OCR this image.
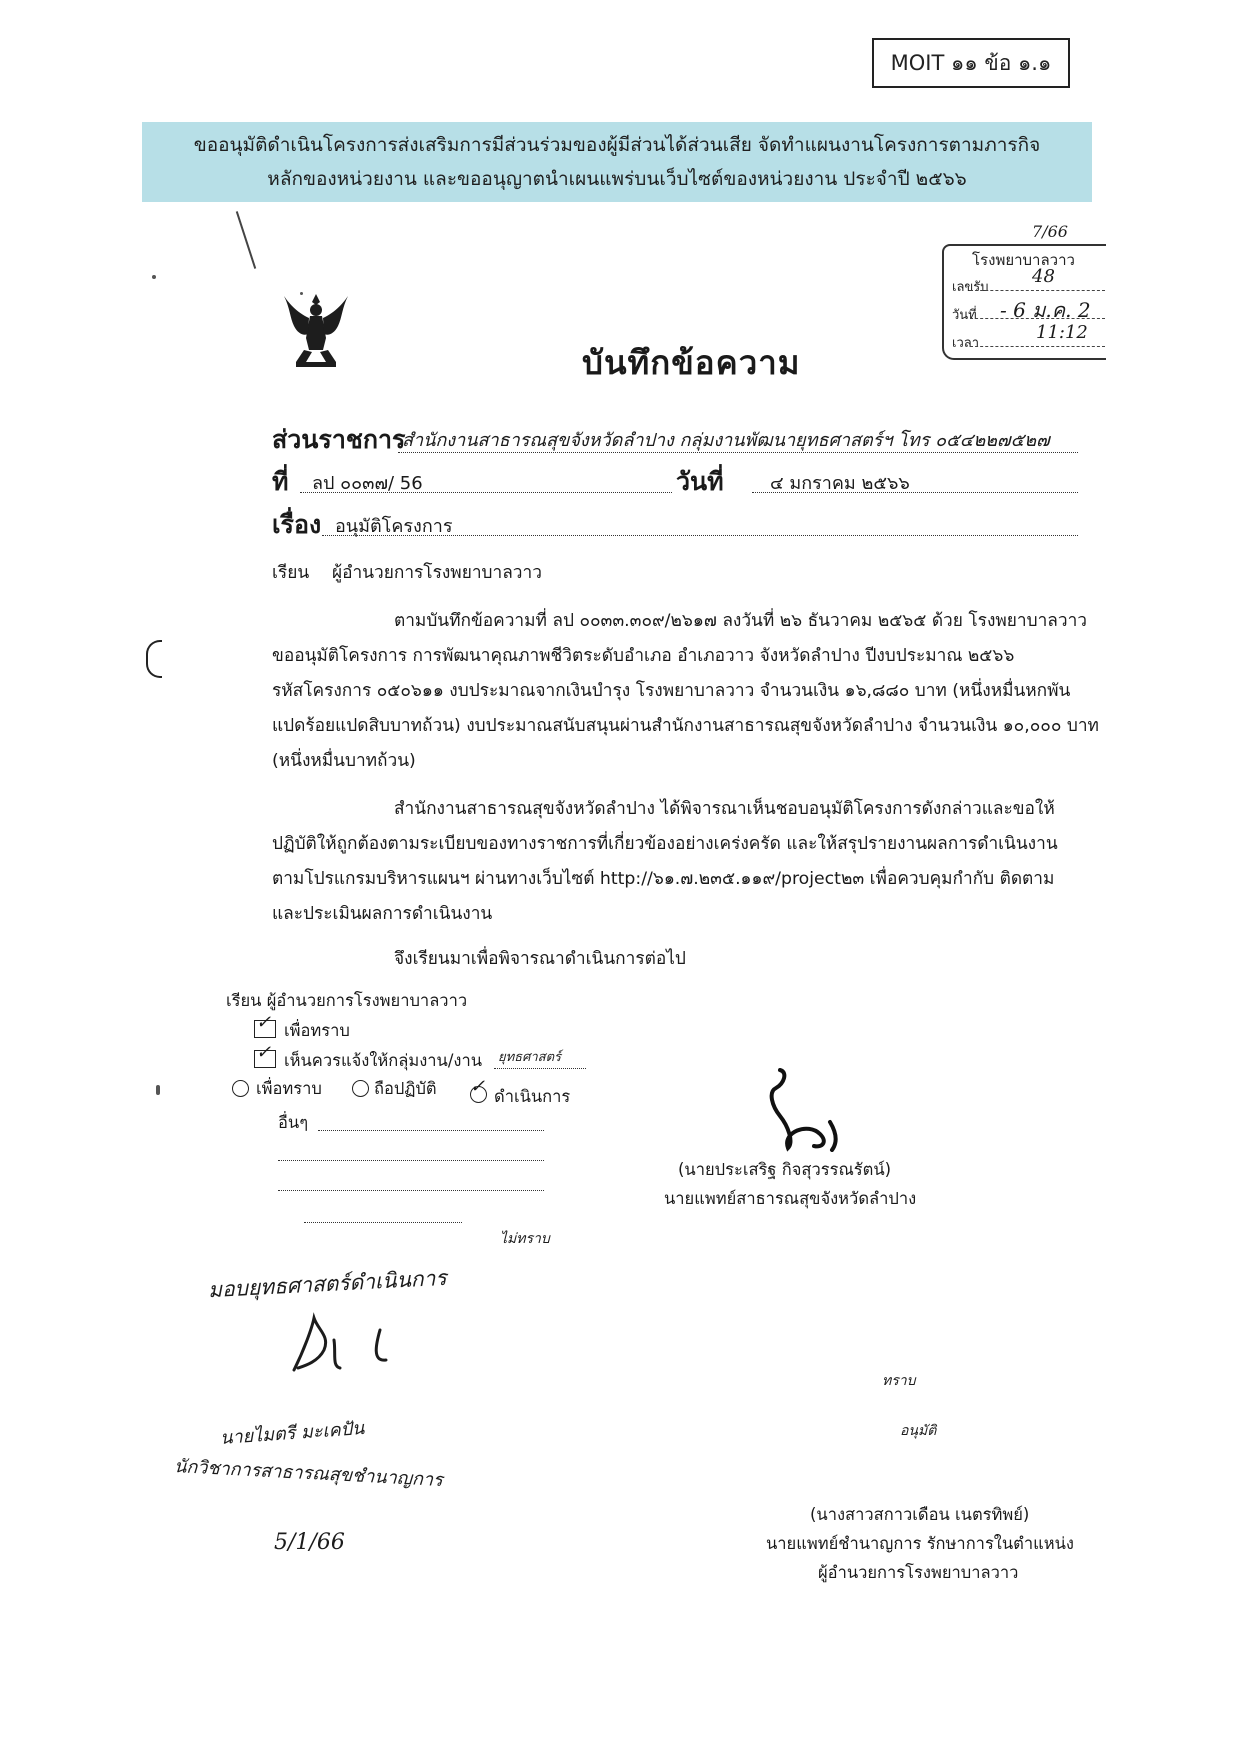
MOIT ๑๑ ข้อ ๑.๑
ขออนุมัติดำเนินโครงการส่งเสริมการมีส่วนร่วมของผู้มีส่วนได้ส่วนเสีย จัดทำแผนงานโครงการตามภารกิจ
หลักของหน่วยงาน และขออนุญาตนำเผนแพร่บนเว็บไซต์ของหน่วยงาน ประจำปี ๒๕๖๖
7/66
โรงพยาบาลวาว
เลขรับ
48
วันที่ - 6 ม.ค. 2
เวลา
11:12
บันทึกข้อความ
ส่วนราชการ
สำนักงานสาธารณสุขจังหวัดลำปาง กลุ่มงานพัฒนายุทธศาสตร์ฯ โทร ๐๕๔๒๒๗๕๒๗
ที่ ลป ๐๐๓๗/ 56	วันที่	๔ มกราคม ๒๕๖๖
เรื่อง อนุมัติโครงการ
เรียน ผู้อำนวยการโรงพยาบาลวาว
ตามบันทึกข้อความที่ ลป ๐๐๓๓.๓๐๙/๒๖๑๗ ลงวันที่ ๒๖ ธันวาคม ๒๕๖๕ ด้วย โรงพยาบาลวาว
ขออนุมัติโครงการ การพัฒนาคุณภาพชีวิตระดับอำเภอ อำเภอวาว จังหวัดลำปาง ปีงบประมาณ ๒๕๖๖
รหัสโครงการ ๐๕๐๖๑๑ งบประมาณจากเงินบำรุง โรงพยาบาลวาว จำนวนเงิน ๑๖,๘๘๐ บาท (หนึ่งหมื่นหกพัน
แปดร้อยแปดสิบบาทถ้วน) งบประมาณสนับสนุนผ่านสำนักงานสาธารณสุขจังหวัดลำปาง จำนวนเงิน ๑๐,๐๐๐ บาท
(หนึ่งหมื่นบาทถ้วน)
สำนักงานสาธารณสุขจังหวัดลำปาง ได้พิจารณาเห็นชอบอนุมัติโครงการดังกล่าวและขอให้
ปฏิบัติให้ถูกต้องตามระเบียบของทางราชการที่เกี่ยวข้องอย่างเคร่งครัด และให้สรุปรายงานผลการดำเนินงาน
ตามโปรแกรมบริหารแผนฯ ผ่านทางเว็บไซต์ http://๖๑.๗.๒๓๕.๑๑๙/project๒๓ เพื่อควบคุมกำกับ ติดตาม
และประเมินผลการดำเนินงาน
จึงเรียนมาเพื่อพิจารณาดำเนินการต่อไป
เรียน ผู้อำนวยการโรงพยาบาลวาว
✓ เพื่อทราบ
✓ เห็นควรแจ้งให้กลุ่มงาน/งาน ยุทธศาสตร์
เพื่อทราบ	ถือปฏิบัติ ✓ ดำเนินการ
อื่นๆ
ไม่ทราบ
มอบยุทธศาสตร์ดำเนินการ
นายไมตรี มะเคปัน
นักวิชาการสาธารณสุขชำนาญการ
5/1/66
(นายประเสริฐ กิจสุวรรณรัตน์)
นายแพทย์สาธารณสุขจังหวัดลำปาง
ทราบ
อนุมัติ
(นางสาวสกาวเดือน เนตรทิพย์)
นายแพทย์ชำนาญการ รักษาการในตำแหน่ง
ผู้อำนวยการโรงพยาบาลวาว
